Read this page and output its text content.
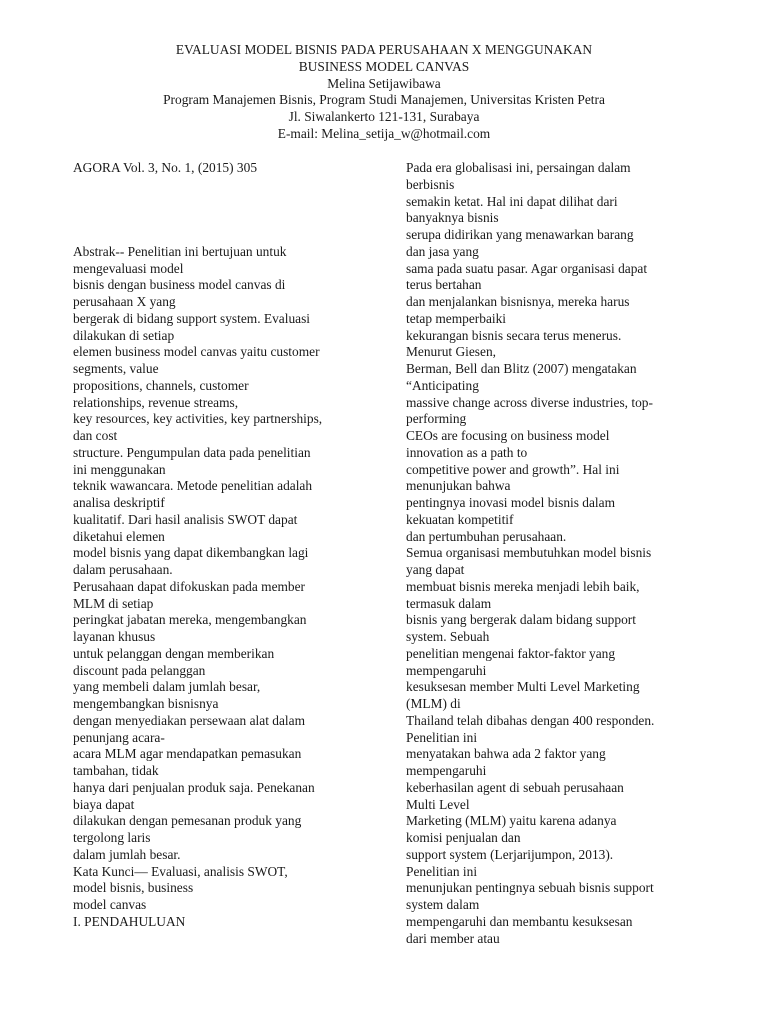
EVALUASI MODEL BISNIS PADA PERUSAHAAN X MENGGUNAKAN
BUSINESS MODEL CANVAS
Melina Setijawibawa
Program Manajemen Bisnis, Program Studi Manajemen, Universitas Kristen Petra
Jl. Siwalankerto 121-131, Surabaya
E-mail: Melina_setija_w@hotmail.com
AGORA Vol. 3, No. 1, (2015) 305
Abstrak-- Penelitian ini bertujuan untuk
mengevaluasi model
bisnis dengan business model canvas di
perusahaan X yang
bergerak di bidang support system. Evaluasi
dilakukan di setiap
elemen business model canvas yaitu customer
segments, value
propositions, channels, customer
relationships, revenue streams,
key resources, key activities, key partnerships,
dan cost
structure. Pengumpulan data pada penelitian
ini menggunakan
teknik wawancara. Metode penelitian adalah
analisa deskriptif
kualitatif. Dari hasil analisis SWOT dapat
diketahui elemen
model bisnis yang dapat dikembangkan lagi
dalam perusahaan.
Perusahaan dapat difokuskan pada member
MLM di setiap
peringkat jabatan mereka, mengembangkan
layanan khusus
untuk pelanggan dengan memberikan
discount pada pelanggan
yang membeli dalam jumlah besar,
mengembangkan bisnisnya
dengan menyediakan persewaan alat dalam
penunjang acara-
acara MLM agar mendapatkan pemasukan
tambahan, tidak
hanya dari penjualan produk saja. Penekanan
biaya dapat
dilakukan dengan pemesanan produk yang
tergolong laris
dalam jumlah besar.
Kata Kunci— Evaluasi, analisis SWOT,
model bisnis, business
model canvas
I. PENDAHULUAN
Pada era globalisasi ini, persaingan dalam
berbisnis
semakin ketat. Hal ini dapat dilihat dari
banyaknya bisnis
serupa didirikan yang menawarkan barang
dan jasa yang
sama pada suatu pasar. Agar organisasi dapat
terus bertahan
dan menjalankan bisnisnya, mereka harus
tetap memperbaiki
kekurangan bisnis secara terus menerus.
Menurut Giesen,
Berman, Bell dan Blitz (2007) mengatakan
“Anticipating
massive change across diverse industries, top-
performing
CEOs are focusing on business model
innovation as a path to
competitive power and growth”. Hal ini
menunjukan bahwa
pentingnya inovasi model bisnis dalam
kekuatan kompetitif
dan pertumbuhan perusahaan.
Semua organisasi membutuhkan model bisnis
yang dapat
membuat bisnis mereka menjadi lebih baik,
termasuk dalam
bisnis yang bergerak dalam bidang support
system. Sebuah
penelitian mengenai faktor-faktor yang
mempengaruhi
kesuksesan member Multi Level Marketing
(MLM) di
Thailand telah dibahas dengan 400 responden.
Penelitian ini
menyatakan bahwa ada 2 faktor yang
mempengaruhi
keberhasilan agent di sebuah perusahaan
Multi Level
Marketing (MLM) yaitu karena adanya
komisi penjualan dan
support system (Lerjarijumpon, 2013).
Penelitian ini
menunjukan pentingnya sebuah bisnis support
system dalam
mempengaruhi dan membantu kesuksesan
dari member atau
